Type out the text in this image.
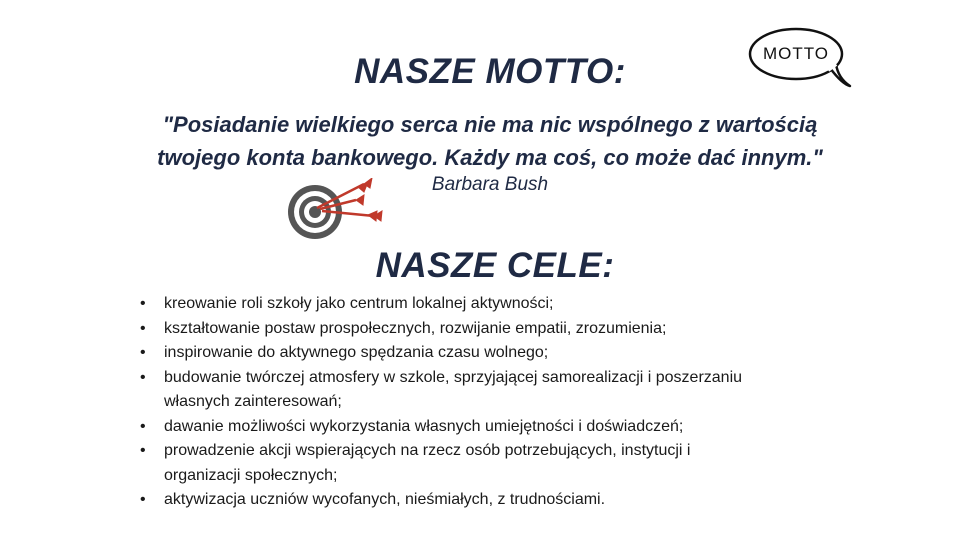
NASZE MOTTO:	MOTTO
"Posiadanie wielkiego serca nie ma nic wspólnego z wartością
twojego konta bankowego. Każdy ma coś, co może dać innym."
Barbara Bush
NASZE CELE:
•	kreowanie roli szkoły jako centrum lokalnej aktywności;
•	kształtowanie postaw prospołecznych, rozwijanie empatii, zrozumienia;
•	inspirowanie do aktywnego spędzania czasu wolnego;
•	budowanie twórczej atmosfery w szkole, sprzyjającej samorealizacji i poszerzaniu
własnych zainteresowań;
•	dawanie możliwości wykorzystania własnych umiejętności i doświadczeń;
•	prowadzenie akcji wspierających na rzecz osób potrzebujących, instytucji i
organizacji społecznych;
•	aktywizacja uczniów wycofanych, nieśmiałych, z trudnościami.
